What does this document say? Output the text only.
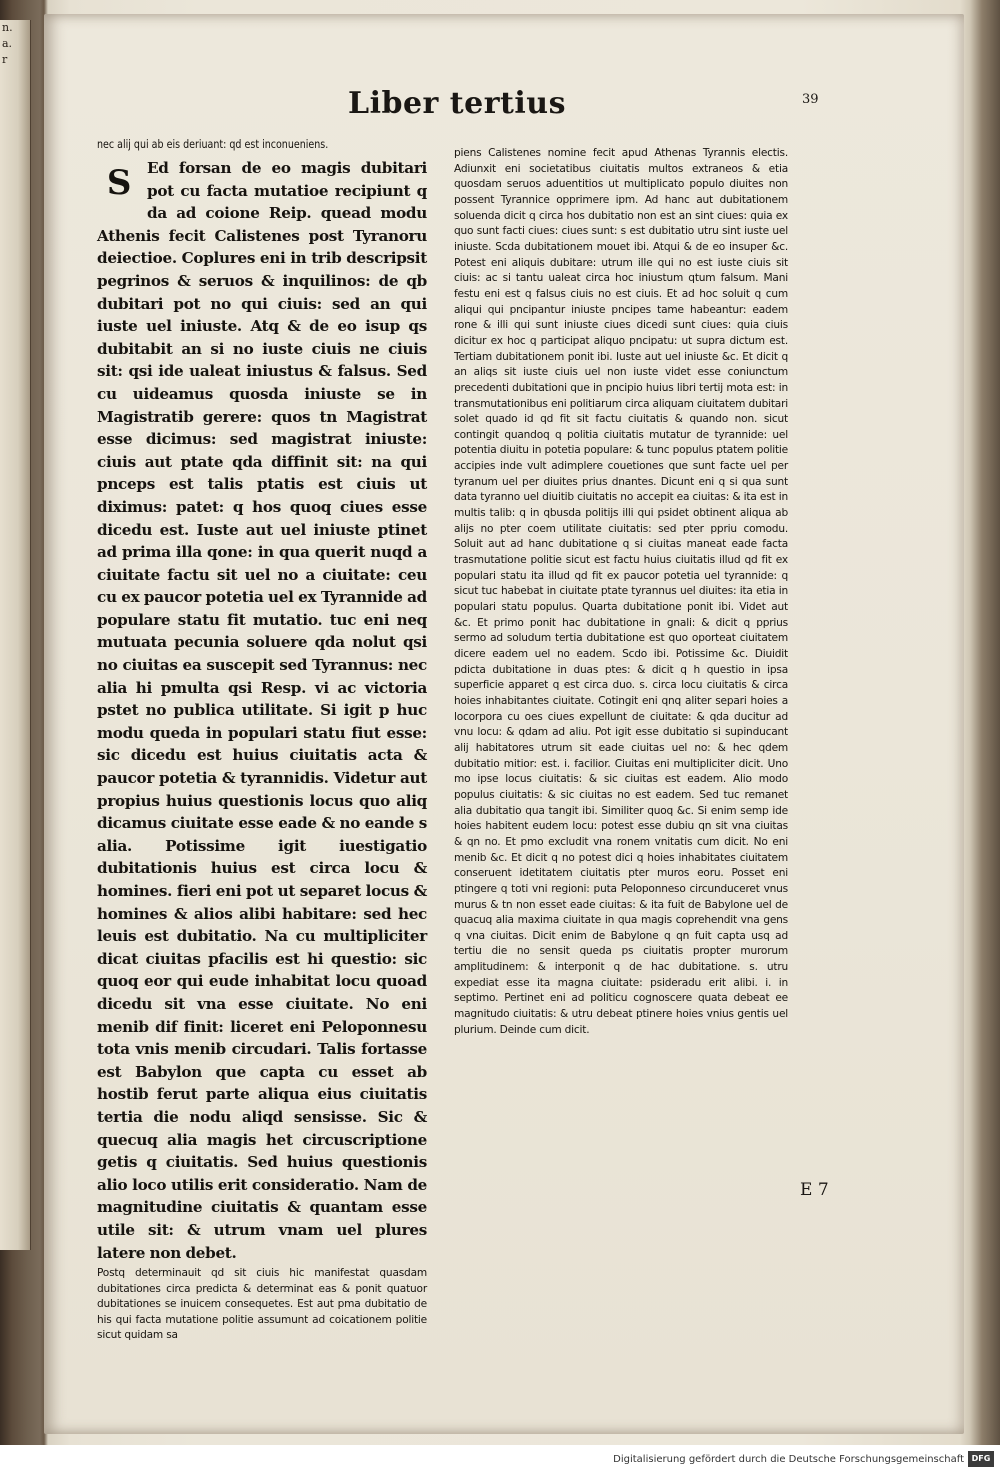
n.
a.
r
Liber tertius	39
nec alij qui ab eis deriuant: qd est inconueniens.
S	Ed forsan de eo magis dubitari pot cu facta mutatioe recipiunt q da ad coione Reip. quead modu Athenis fecit Calistenes post Tyranoru deiectioe. Coplures eni in trib descripsit pegrinos & seruos & inquilinos: de qb dubitari pot no qui ciuis: sed an qui iuste uel iniuste. Atq & de eo isup qs dubitabit an si no iuste ciuis ne ciuis sit: qsi ide ualeat iniustus & falsus. Sed cu uideamus quosda iniuste se in Magistratib gerere: quos tn Magistrat esse dicimus: sed magistrat iniuste: ciuis aut ptate qda diffinit sit: na qui pnceps est talis ptatis est ciuis ut diximus: patet: q hos quoq ciues esse dicedu est. Iuste aut uel iniuste ptinet ad prima illa qone: in qua querit nuqd a ciuitate factu sit uel no a ciuitate: ceu cu ex paucor potetia uel ex Tyrannide ad populare statu fit mutatio. tuc eni neq mutuata pecunia soluere qda nolut qsi no ciuitas ea suscepit sed Tyrannus: nec alia hi pmulta qsi Resp. vi ac victoria pstet no publica utilitate. Si igit p huc modu queda in populari statu fiut esse: sic dicedu est huius ciuitatis acta & paucor potetia & tyrannidis. Videtur aut propius huius questionis locus quo aliq dicamus ciuitate esse eade & no eande s alia. Potissime igit iuestigatio dubitationis huius est circa locu & homines. fieri eni pot ut separet locus & homines & alios alibi habitare: sed hec leuis est dubitatio. Na cu multipliciter dicat ciuitas pfacilis est hi questio: sic quoq eor qui eude inhabitat locu quoad dicedu sit vna esse ciuitate. No eni menib dif finit: liceret eni Peloponnesu tota vnis menib circudari. Talis fortasse est Babylon que capta cu esset ab hostib ferut parte aliqua eius ciuitatis tertia die nodu aliqd sensisse. Sic & quecuq alia magis het circuscriptione getis q ciuitatis. Sed huius questionis alio loco utilis erit consideratio. Nam de magnitudine ciuitatis & quantam esse utile sit: & utrum vnam uel plures latere non debet.
Postq determinauit qd sit ciuis hic manifestat quasdam dubitationes circa predicta & determinat eas & ponit quatuor dubitationes se inuicem consequetes. Est aut pma dubitatio de his qui facta mutatione politie assumunt ad coicationem politie sicut quidam sa
piens Calistenes nomine fecit apud Athenas Tyrannis electis. Adiunxit eni societatibus ciuitatis multos extraneos & etia quosdam seruos aduentitios ut multiplicato populo diuites non possent Tyrannice opprimere ipm. Ad hanc aut dubitationem soluenda dicit q circa hos dubitatio non est an sint ciues: quia ex quo sunt facti ciues: ciues sunt: s est dubitatio utru sint iuste uel iniuste. Scda dubitationem mouet ibi. Atqui & de eo insuper &c. Potest eni aliquis dubitare: utrum ille qui no est iuste ciuis sit ciuis: ac si tantu ualeat circa hoc iniustum qtum falsum. Mani festu eni est q falsus ciuis no est ciuis. Et ad hoc soluit q cum aliqui qui pncipantur iniuste pncipes tame habeantur: eadem rone & illi qui sunt iniuste ciues dicedi sunt ciues: quia ciuis dicitur ex hoc q participat aliquo pncipatu: ut supra dictum est. Tertiam dubitationem ponit ibi. Iuste aut uel iniuste &c. Et dicit q an aliqs sit iuste ciuis uel non iuste videt esse coniunctum precedenti dubitationi que in pncipio huius libri tertij mota est: in transmutationibus eni politiarum circa aliquam ciuitatem dubitari solet quado id qd fit sit factu ciuitatis & quando non. sicut contingit quandoq q politia ciuitatis mutatur de tyrannide: uel potentia diuitu in potetia populare: & tunc populus ptatem politie accipies inde vult adimplere couetiones que sunt facte uel per tyranum uel per diuites prius dnantes. Dicunt eni q si qua sunt data tyranno uel diuitib ciuitatis no accepit ea ciuitas: & ita est in multis talib: q in qbusda politijs illi qui psidet obtinent aliqua ab alijs no pter coem utilitate ciuitatis: sed pter ppriu comodu. Soluit aut ad hanc dubitatione q si ciuitas maneat eade facta trasmutatione politie sicut est factu huius ciuitatis illud qd fit ex populari statu ita illud qd fit ex paucor potetia uel tyrannide: q sicut tuc habebat in ciuitate ptate tyrannus uel diuites: ita etia in populari statu populus. Quarta dubitatione ponit ibi. Videt aut &c. Et primo ponit hac dubitatione in gnali: & dicit q pprius sermo ad soludum tertia dubitatione est quo oporteat ciuitatem dicere eadem uel no eadem. Scdo ibi. Potissime &c. Diuidit pdicta dubitatione in duas ptes: & dicit q h questio in ipsa superficie apparet q est circa duo. s. circa locu ciuitatis & circa hoies inhabitantes ciuitate. Cotingit eni qnq aliter separi hoies a locorpora cu oes ciues expellunt de ciuitate: & qda ducitur ad vnu locu: & qdam ad aliu. Pot igit esse dubitatio si supinducant alij habitatores utrum sit eade ciuitas uel no: & hec qdem dubitatio mitior: est. i. facilior. Ciuitas eni multipliciter dicit. Uno mo ipse locus ciuitatis: & sic ciuitas est eadem. Alio modo populus ciuitatis: & sic ciuitas no est eadem. Sed tuc remanet alia dubitatio qua tangit ibi. Similiter quoq &c. Si enim semp ide hoies habitent eudem locu: potest esse dubiu qn sit vna ciuitas & qn no. Et pmo excludit vna ronem vnitatis cum dicit. No eni menib &c. Et dicit q no potest dici q hoies inhabitates ciuitatem conseruent idetitatem ciuitatis pter muros eoru. Posset eni ptingere q toti vni regioni: puta Peloponneso circunduceret vnus murus & tn non esset eade ciuitas: & ita fuit de Babylone uel de quacuq alia maxima ciuitate in qua magis coprehendit vna gens q vna ciuitas. Dicit enim de Babylone q qn fuit capta usq ad tertiu die no sensit queda ps ciuitatis propter murorum amplitudinem: & interponit q de hac dubitatione. s. utru expediat esse ita magna ciuitate: psideradu erit alibi. i. in septimo. Pertinet eni ad politicu cognoscere quata debeat ee magnitudo ciuitatis: & utru debeat ptinere hoies vnius gentis uel plurium. Deinde cum dicit.
E 7
Digitalisierung gefördert durch die Deutsche Forschungsgemeinschaft DFG
